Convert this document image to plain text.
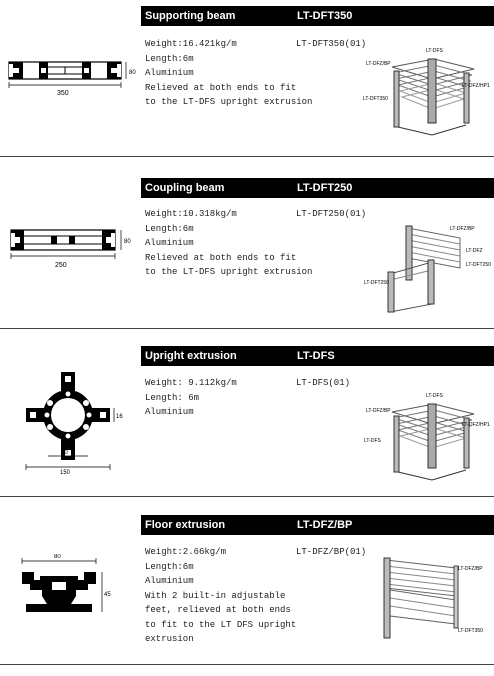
Supporting beam	LT-DFT350
Weight:16.421kg/m
Length:6m
Aluminium
Relieved at both ends to fit
to the LT-DFS upright extrusion
LT-DFT350(01)
350
80
LT-DFS
LT-DFZ/BP
LT-DFZ/HP1
LT-DFT350
Coupling beam	LT-DFT250
Weight:10.318kg/m
Length:6m
Aluminium
Relieved at both ends to fit
to the LT-DFS upright extrusion
LT-DFT250(01)
250
80
LT-DFZ/BP
LT-DFZ
LT-DFT250
LT-DFT250
Upright extrusion	LT-DFS
Weight: 9.112kg/m
Length: 6m
Aluminium
LT-DFS(01)
80
150
16
LT-DFS
LT-DFZ/BP
LT-DFZ/HP1
LT-DFS
Floor extrusion	LT-DFZ/BP
Weight:2.66kg/m
Length:6m
Aluminium
With 2 built-in adjustable
feet, relieved at both ends
to fit to the LT DFS upright
extrusion
LT-DFZ/BP(01)
80
45
LT-DFZ/BP
LT-DFT350
